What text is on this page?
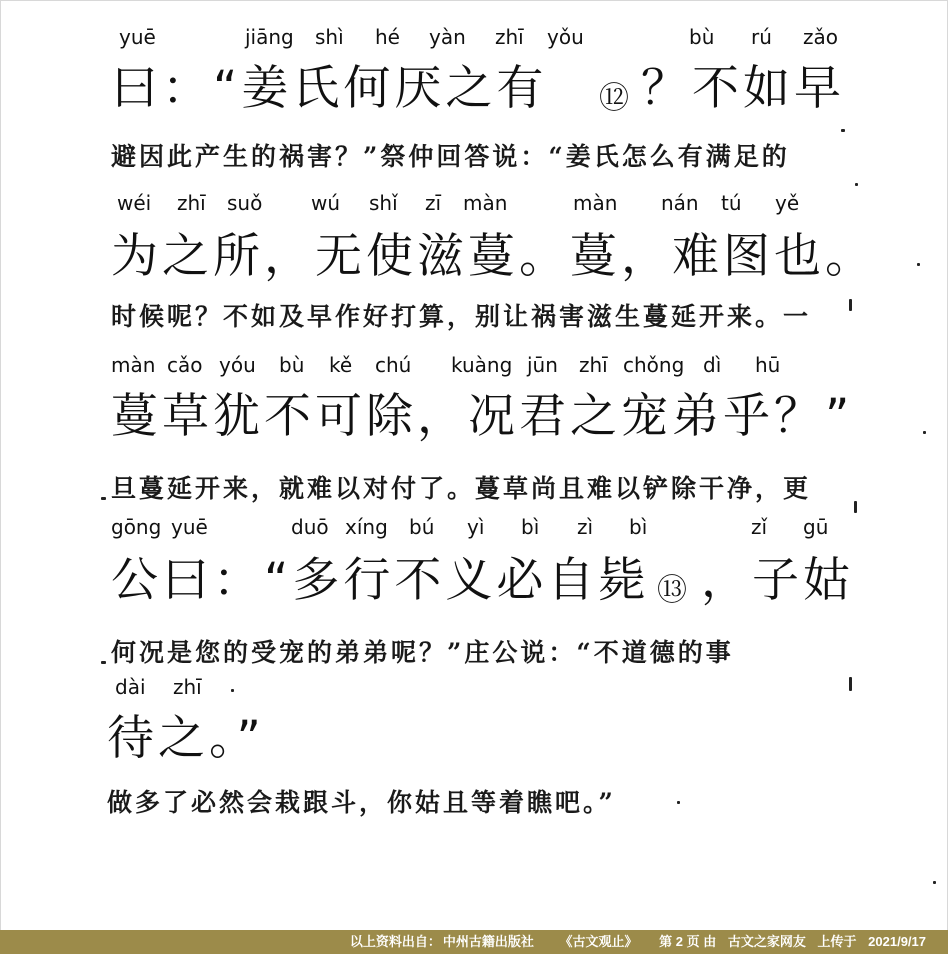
yuē	jiāng shì hé yàn zhī yǒu	bù rú zǎo
曰：“姜氏何厌之有 ⑫ ？不如早
避因此产生的祸害？”祭仲回答说：“姜氏怎么有满足的
wéi zhī suǒ wú shǐ zī màn	màn nán tú yě
为之所，无使滋蔓。蔓，难图也。
时候呢？不如及早作好打算，别让祸害滋生蔓延开来。一
màn cǎo yóu bù kě chú kuàng jūn zhī chǒng dì hū
蔓草犹不可除，况君之宠弟乎？”
旦蔓延开来，就难以对付了。蔓草尚且难以铲除干净，更
gōng yuē	duō xíng bú yì bì zì bì	zǐ gū
公曰：“多行不义必自毙 ⑬ ，子姑
何况是您的受宠的弟弟呢？”庄公说：“不道德的事
dài zhī
待之。”
做多了必然会栽跟斗，你姑且等着瞧吧。”
以上资料出自： 中州古籍出版社 《古文观止》 第 2 页 由 古文之家网友 上传于 2021/9/17
